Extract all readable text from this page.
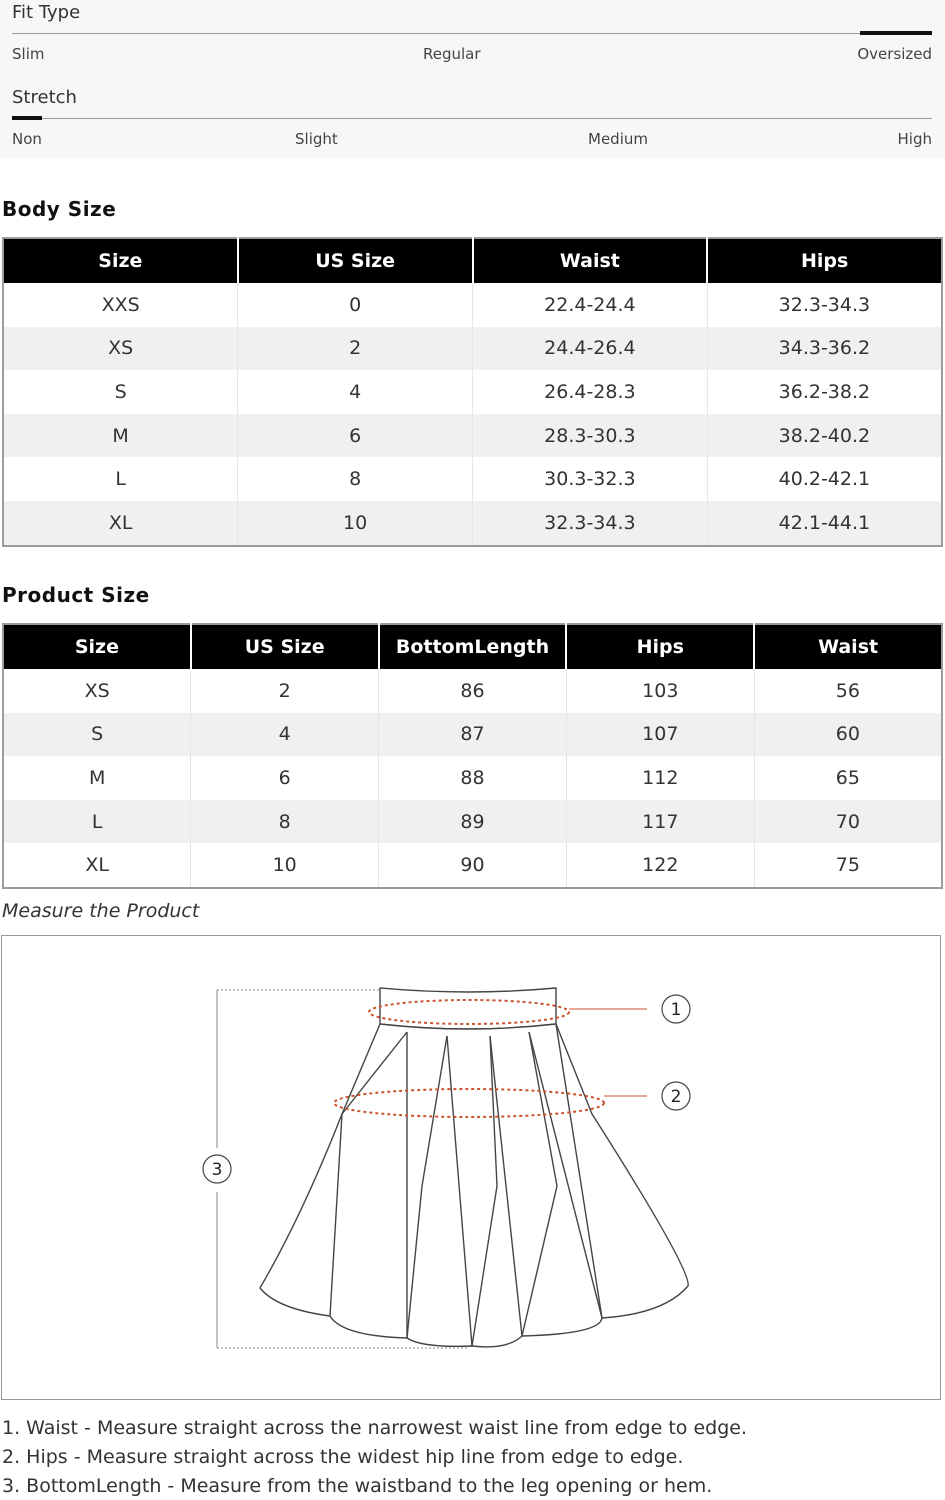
Fit Type
Slim	Regular	Oversized
Stretch
Non	Slight	Medium	High
Body Size
Size	US Size	Waist	Hips
XXS	0	22.4-24.4	32.3-34.3
XS	2	24.4-26.4	34.3-36.2
S	4	26.4-28.3	36.2-38.2
M	6	28.3-30.3	38.2-40.2
L	8	30.3-32.3	40.2-42.1
XL	10	32.3-34.3	42.1-44.1
Product Size
Size	US Size	BottomLength	Hips	Waist
XS	2	86	103	56
S	4	87	107	60
M	6	88	112	65
L	8	89	117	70
XL	10	90	122	75
Measure the Product
1
2
3
1. Waist - Measure straight across the narrowest waist line from edge to edge.
2. Hips - Measure straight across the widest hip line from edge to edge.
3. BottomLength - Measure from the waistband to the leg opening or hem.
